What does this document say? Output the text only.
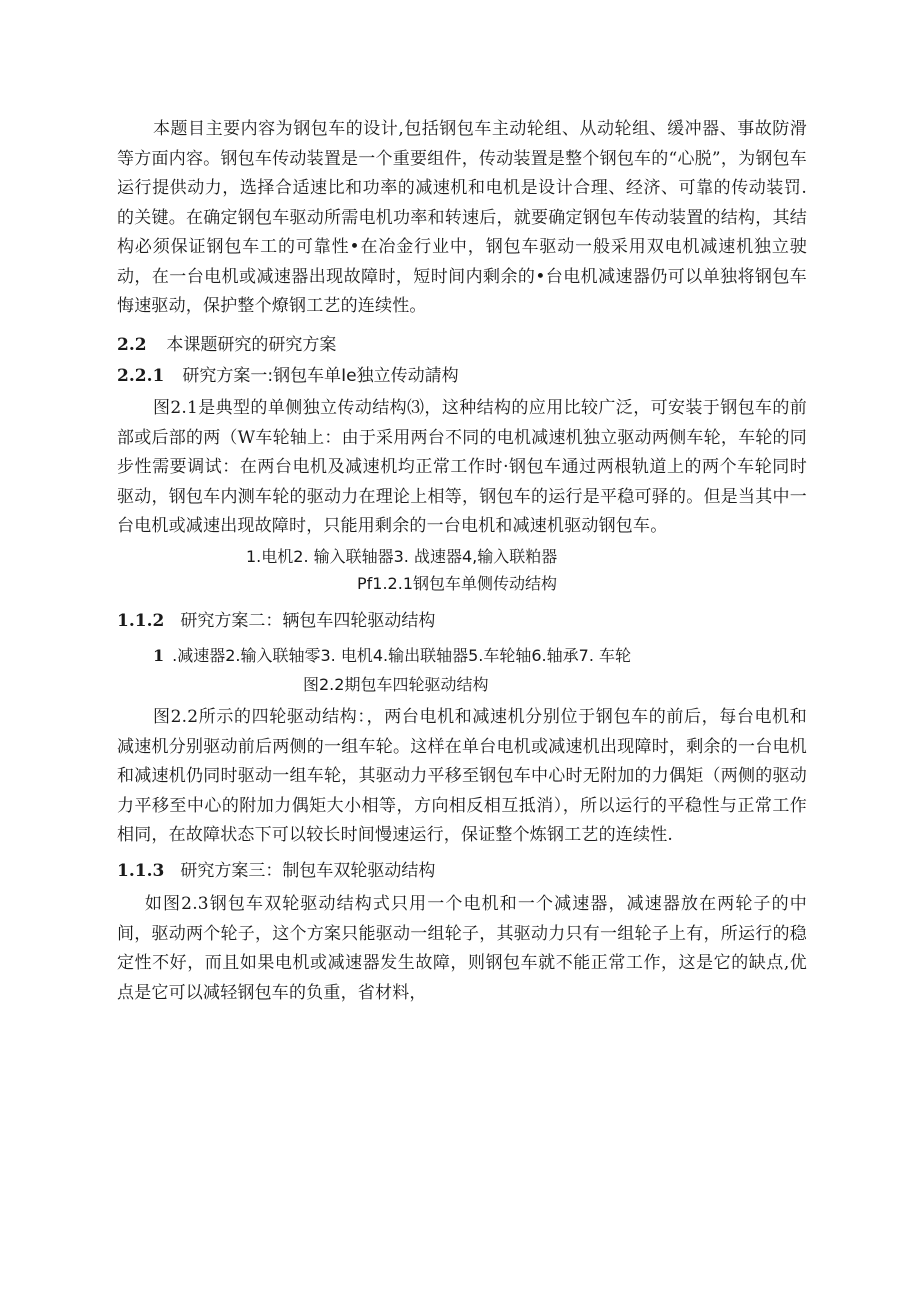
本题目主要内容为钢包车的设计,包括钢包车主动轮组、从动轮组、缓冲器、事故防滑等方面内容。钢包车传动装置是一个重要组件，传动装置是整个钢包车的“心脱”，为钢包车运行提供动力，选择合适速比和功率的减速机和电机是设计合理、经济、可靠的传动装罚.的关键。在确定钢包车驱动所需电机功率和转速后，就要确定钢包车传动装置的结构，其结构必须保证钢包车工的可靠性•在冶金行业中，钢包车驱动一般采用双电机减速机独立驶动，在一台电机或减速器出现故障时，短时间内剩余的•台电机减速器仍可以单独将钢包车悔速驱动，保护整个燎钢工艺的连续性。

2.2 本课题研究的研究方案
2.2.1 研究方案一:钢包车单Ie独立传动請构

图2.1是典型的单侧独立传动结构⑶，这种结构的应用比较广泛，可安装于钢包车的前部或后部的两（W车轮轴上：由于采用两台不同的电机减速机独立驱动两侧车轮，车轮的同步性需要调试：在两台电机及减速机均正常工作时·钢包车通过两根轨道上的两个车轮同时驱动，钢包车内测车轮的驱动力在理论上相等，钢包车的运行是平稳可驿的。但是当其中一台电机或减速出现故障时，只能用剩余的一台电机和减速机驱动钢包车。

1.电机2. 输入联轴器3. 战速器4,输入联粕器
Pf1.2.1钢包车单侧传动结构
1.1.2 研究方案二：辆包车四轮驱动结构
1 .减速器2.输入联轴零3. 电机4.输出联轴器5.车轮轴6.轴承7. 车轮
图2.2期包车四轮驱动结构

图2.2所示的四轮驱动结构：，两台电机和减速机分别位于钢包车的前后，每台电机和减速机分别驱动前后两侧的一组车轮。这样在单台电机或减速机出现障时，剩余的一台电机和减速机仍同时驱动一组车轮，其驱动力平移至钢包车中心时无附加的力偶矩（两侧的驱动力平移至中心的附加力偶矩大小相等，方向相反相互抵消），所以运行的平稳性与正常工作相同，在故障状态下可以较长时间慢速运行，保证整个炼钢工艺的连续性.

1.1.3 研究方案三：制包车双轮驱动结构

如图2.3钢包车双轮驱动结构式只用一个电机和一个减速器，减速器放在两轮子的中间，驱动两个轮子，这个方案只能驱动一组轮子，其驱动力只有一组轮子上有，所运行的稳定性不好，而且如果电机或减速器发生故障，则钢包车就不能正常工作，这是它的缺点,优点是它可以减轻钢包车的负重，省材料，
